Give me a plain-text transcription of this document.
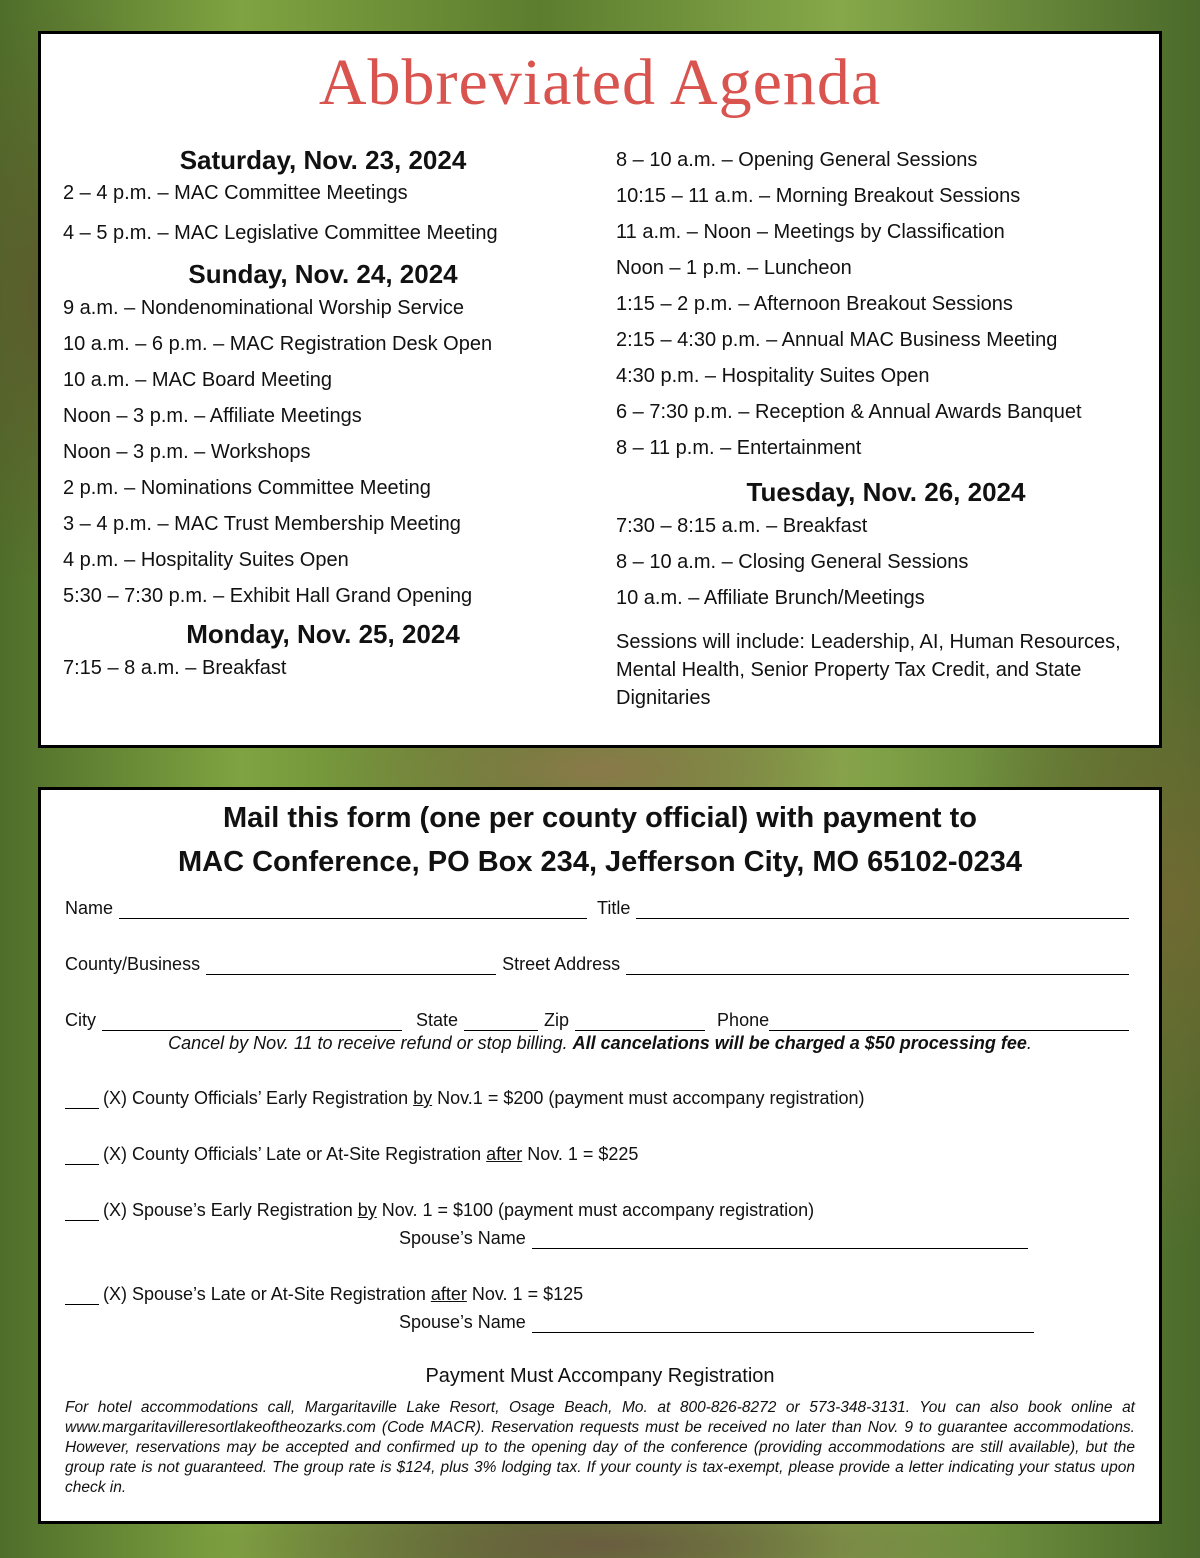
Abbreviated Agenda
Saturday, Nov. 23, 2024
2 – 4 p.m. – MAC Committee Meetings
4 – 5 p.m. – MAC Legislative Committee Meeting
Sunday, Nov. 24, 2024
9 a.m. – Nondenominational Worship Service
10 a.m. – 6 p.m. – MAC Registration Desk Open
10 a.m. – MAC Board Meeting
Noon – 3 p.m. – Affiliate Meetings
Noon – 3 p.m. – Workshops
2 p.m. – Nominations Committee Meeting
3 – 4 p.m. – MAC Trust Membership Meeting
4 p.m. – Hospitality Suites Open
5:30 – 7:30 p.m. – Exhibit Hall Grand Opening
Monday, Nov. 25, 2024
7:15 – 8 a.m. – Breakfast
8 – 10 a.m. – Opening General Sessions
10:15 – 11 a.m. – Morning Breakout Sessions
11 a.m. – Noon – Meetings by Classification
Noon – 1 p.m. – Luncheon
1:15 – 2 p.m. – Afternoon Breakout Sessions
2:15 – 4:30 p.m. – Annual MAC Business Meeting
4:30 p.m. – Hospitality Suites Open
6 – 7:30 p.m. – Reception & Annual Awards Banquet
8 – 11 p.m. – Entertainment
Tuesday, Nov. 26, 2024
7:30 – 8:15 a.m. – Breakfast
8 – 10 a.m. – Closing General Sessions
10 a.m. – Affiliate Brunch/Meetings
Sessions will include: Leadership, AI, Human Resources, Mental Health, Senior Property Tax Credit, and State Dignitaries
Mail this form (one per county official) with payment to
MAC Conference, PO Box 234, Jefferson City, MO 65102-0234
Name	Title
County/Business	Street Address
City	State	Zip	Phone
Cancel by Nov. 11 to receive refund or stop billing. All cancelations will be charged a $50 processing fee.
(X) County Officials’ Early Registration by Nov.1 = $200 (payment must accompany registration)
(X) County Officials’ Late or At-Site Registration after Nov. 1 = $225
(X) Spouse’s Early Registration by Nov. 1 = $100 (payment must accompany registration)
Spouse’s Name
(X) Spouse’s Late or At-Site Registration after Nov. 1 = $125
Spouse’s Name
Payment Must Accompany Registration
For hotel accommodations call, Margaritaville Lake Resort, Osage Beach, Mo. at 800-826-8272 or 573-348-3131. You can also book online at www.margaritavilleresortlakeoftheozarks.com (Code MACR). Reservation requests must be received no later than Nov. 9 to guarantee accommodations. However, reservations may be accepted and confirmed up to the opening day of the conference (providing accommodations are still available), but the group rate is not guaranteed. The group rate is $124, plus 3% lodging tax. If your county is tax-exempt, please provide a letter indicating your status upon check in.
